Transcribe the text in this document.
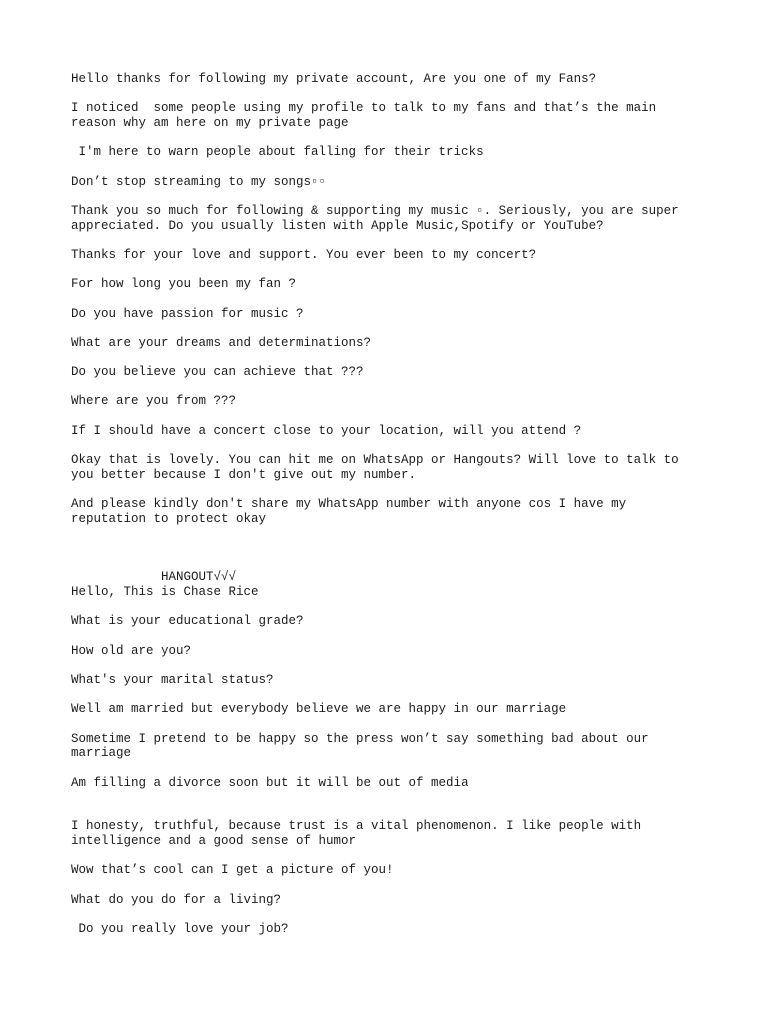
Hello thanks for following my private account, Are you one of my Fans?
I noticed  some people using my profile to talk to my fans and that’s the main
reason why am here on my private page
I'm here to warn people about falling for their tricks
Don’t stop streaming to my songs▫▫
Thank you so much for following & supporting my music ▫. Seriously, you are super
appreciated. Do you usually listen with Apple Music,Spotify or YouTube?
Thanks for your love and support. You ever been to my concert?
For how long you been my fan ?
Do you have passion for music ?
What are your dreams and determinations?
Do you believe you can achieve that ???
Where are you from ???
If I should have a concert close to your location, will you attend ?
Okay that is lovely. You can hit me on WhatsApp or Hangouts? Will love to talk to
you better because I don't give out my number.
And please kindly don't share my WhatsApp number with anyone cos I have my
reputation to protect okay
HANGOUT√√√
Hello, This is Chase Rice
What is your educational grade?
How old are you?
What's your marital status?
Well am married but everybody believe we are happy in our marriage
Sometime I pretend to be happy so the press won’t say something bad about our
marriage
Am filling a divorce soon but it will be out of media
I honesty, truthful, because trust is a vital phenomenon. I like people with
intelligence and a good sense of humor
Wow that’s cool can I get a picture of you!
What do you do for a living?
Do you really love your job?
